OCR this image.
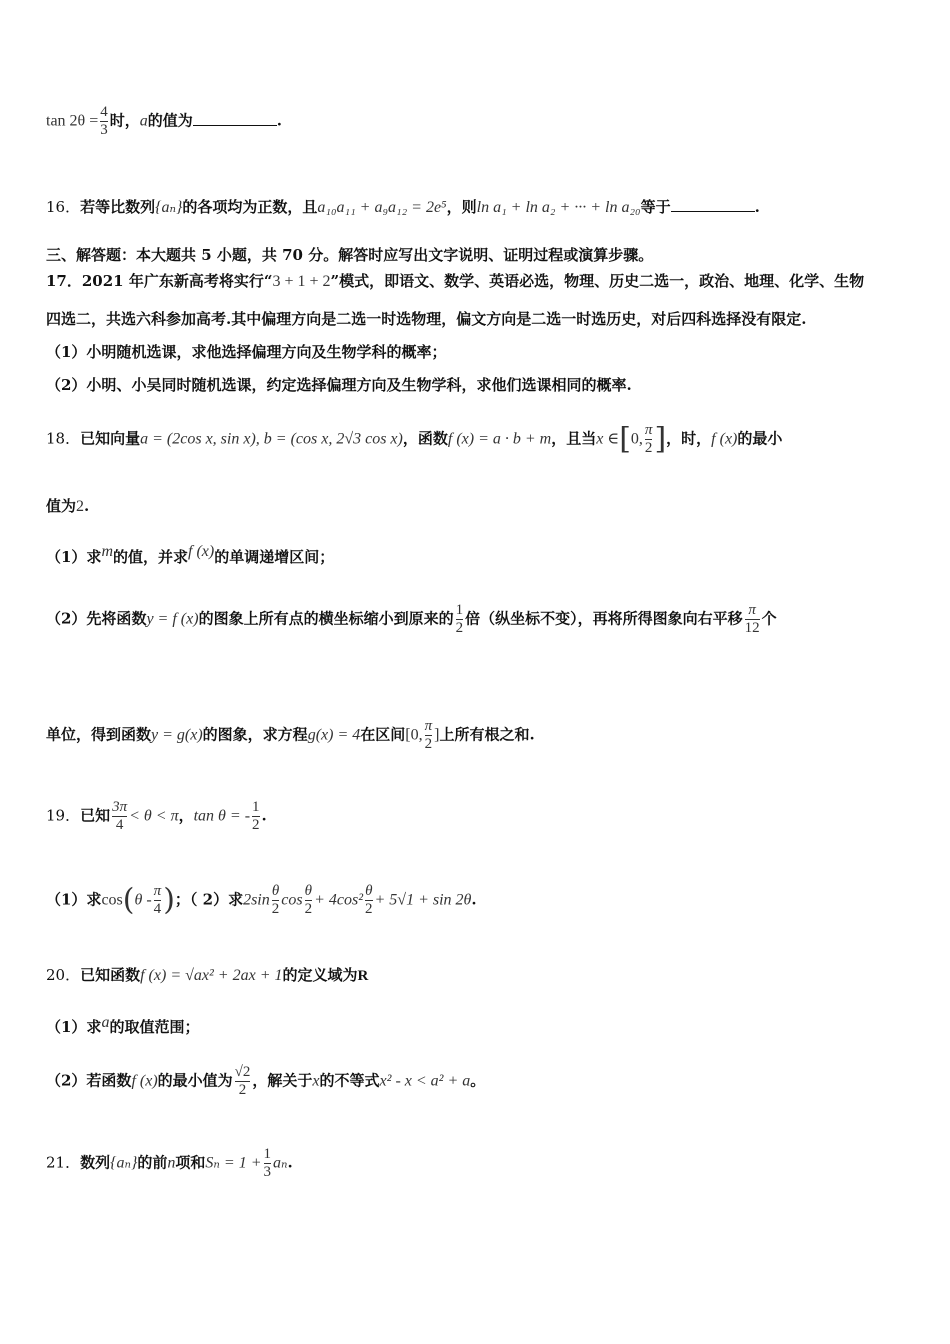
$\tan 2\theta = \frac{4}{3}$ 时，a的值为	.
16．若等比数列{aₙ}的各项均为正数，且a₁₀a₁₁ + a₉a₁₂ = 2e⁵，则ln a₁ + ln a₂ + ··· + ln a₂₀等于	.
三、解答题：本大题共 5 小题，共 70 分。解答时应写出文字说明、证明过程或演算步骤。
17．2021 年广东新高考将实行“3 + 1 + 2”模式，即语文、数学、英语必选，物理、历史二选一，政治、地理、化学、生物
四选二，共选六科参加高考.其中偏理方向是二选一时选物理，偏文方向是二选一时选历史，对后四科选择没有限定.
（1）小明随机选课，求他选择偏理方向及生物学科的概率；
（2）小明、小吴同时随机选课，约定选择偏理方向及生物学科，求他们选课相同的概率.
18．已知向量a = (2cos x, sin x), b = (cos x, 2√3 cos x)，函数f (x) = a · b + m，且当x ∈[0, $\frac{\pi}{2}$ ]，时，f (x)的最小
值为2.
（1）求m的值，并求f (x)的单调递增区间；
（2）先将函数y = f (x)的图象上所有点的横坐标缩小到原来的 $\frac{1}{2}$ 倍（纵坐标不变），再将所得图象向右平移 $\frac{\pi}{12}$ 个
单位，得到函数y = g(x)的图象，求方程g(x) = 4在区间[0, $\frac{\pi}{2}$ ]上所有根之和.
19．已知 $\frac{3\pi}{4} < \theta < \pi$，tan θ = - $\frac{1}{2}$ .
（1）求$\cos(\theta - \frac{\pi}{4}$ )；（ 2）求$2\sin \frac{\theta}{2}$ $\cos \frac{\theta}{2} + 4\cos^2 \frac{\theta}{2} + 5√1 + \sin 2\theta$.
20．已知函数f (x) = √ax² + 2ax + 1的定义域为R
（1）求a的取值范围；
（2）若函数f (x)的最小值为 $\frac{√2}{2}$ ，解关于x的不等式x² - x < a² + a。
21．数列{aₙ}的前n项和$S_n = 1 + \frac{1}{3} a_n$.
